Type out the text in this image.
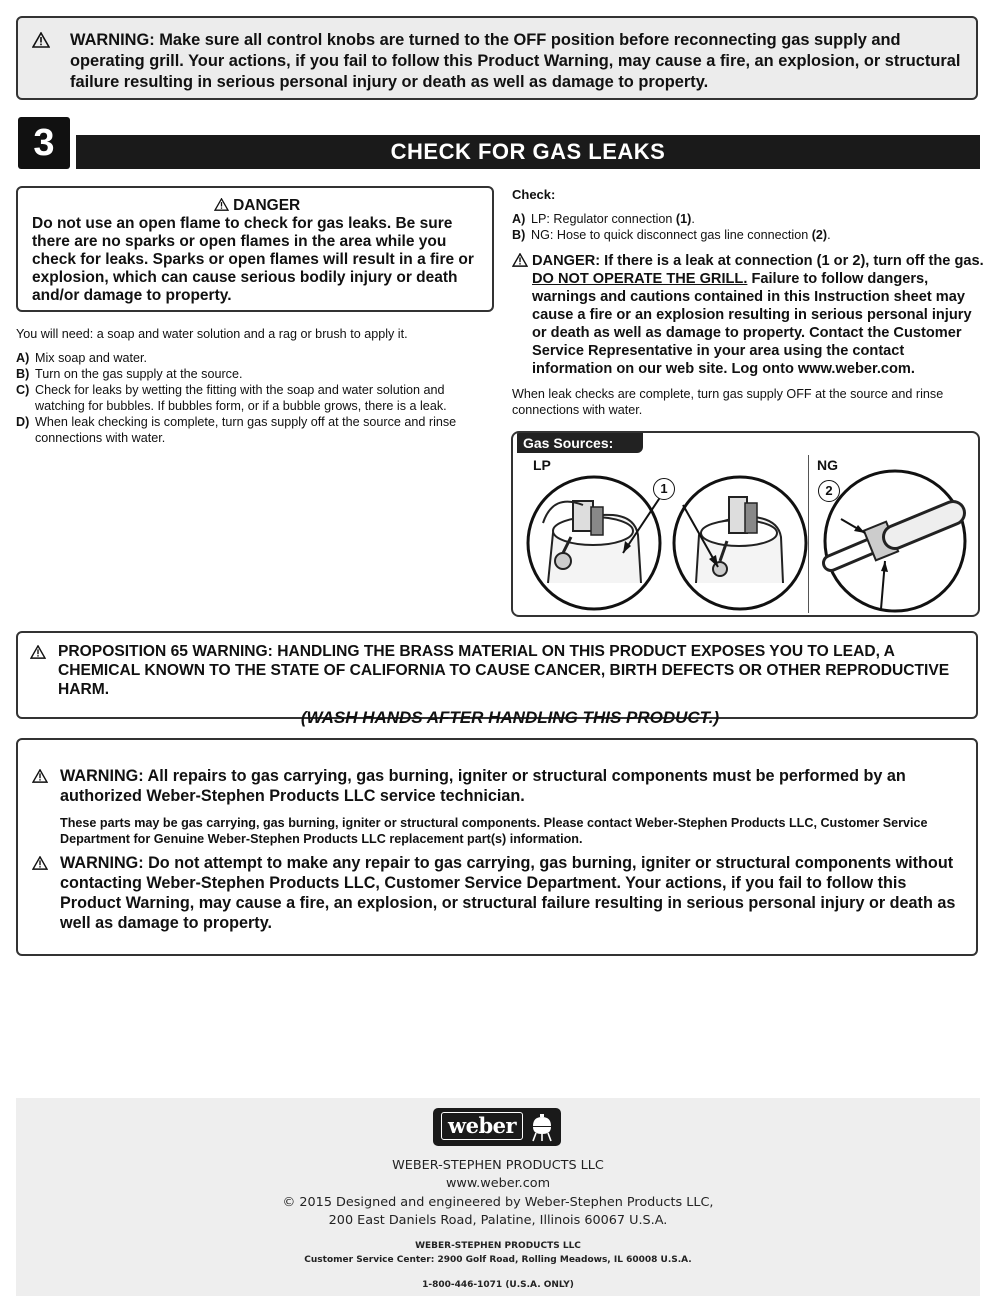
WARNING: Make sure all control knobs are turned to the OFF position before reconnecting gas supply and operating grill. Your actions, if you fail to follow this Product Warning, may cause a fire, an explosion, or structural failure resulting in serious personal injury or death as well as damage to property.

3	CHECK FOR GAS LEAKS
DANGER

Do not use an open flame to check for gas leaks. Be sure there are no sparks or open flames in the area while you check for leaks. Sparks or open flames will result in a fire or explosion, which can cause serious bodily injury or death and/or damage to property.

You will need: a soap and water solution and a rag or brush to apply it.

A) Mix soap and water.
B) Turn on the gas supply at the source.
C) Check for leaks by wetting the fitting with the soap and water solution and watching for bubbles. If bubbles form, or if a bubble grows, there is a leak.
D) When leak checking is complete, turn gas supply off at the source and rinse connections with water.
Check:
A) LP: Regulator connection (1).
B) NG: Hose to quick disconnect gas line connection (2).
DANGER: If there is a leak at connection (1 or 2), turn off the gas. DO NOT OPERATE THE GRILL. Failure to follow dangers, warnings and cautions contained in this Instruction sheet may cause a fire or an explosion resulting in serious personal injury or death as well as damage to property. Contact the Customer Service Representative in your area using the contact information on our web site. Log onto www.weber.com.

When leak checks are complete, turn gas supply OFF at the source and rinse connections with water.

Gas Sources:
LP	NG
1	2

PROPOSITION 65 WARNING: HANDLING THE BRASS MATERIAL ON THIS PRODUCT EXPOSES YOU TO LEAD, A CHEMICAL KNOWN TO THE STATE OF CALIFORNIA TO CAUSE CANCER, BIRTH DEFECTS OR OTHER REPRODUCTIVE HARM.

(WASH HANDS AFTER HANDLING THIS PRODUCT.)

WARNING: All repairs to gas carrying, gas burning, igniter or structural components must be performed by an authorized Weber-Stephen Products LLC service technician.

These parts may be gas carrying, gas burning, igniter or structural components. Please contact Weber-Stephen Products LLC, Customer Service Department for Genuine Weber-Stephen Products LLC replacement part(s) information.

WARNING: Do not attempt to make any repair to gas carrying, gas burning, igniter or structural components without contacting Weber-Stephen Products LLC, Customer Service Department. Your actions, if you fail to follow this Product Warning, may cause a fire, an explosion, or structural failure resulting in serious personal injury or death as well as damage to property.
weber
WEBER-STEPHEN PRODUCTS LLC
www.weber.com
© 2015 Designed and engineered by Weber-Stephen Products LLC,
200 East Daniels Road, Palatine, Illinois 60067 U.S.A.
WEBER-STEPHEN PRODUCTS LLC
Customer Service Center: 2900 Golf Road, Rolling Meadows, IL 60008 U.S.A.
1-800-446-1071 (U.S.A. ONLY)
